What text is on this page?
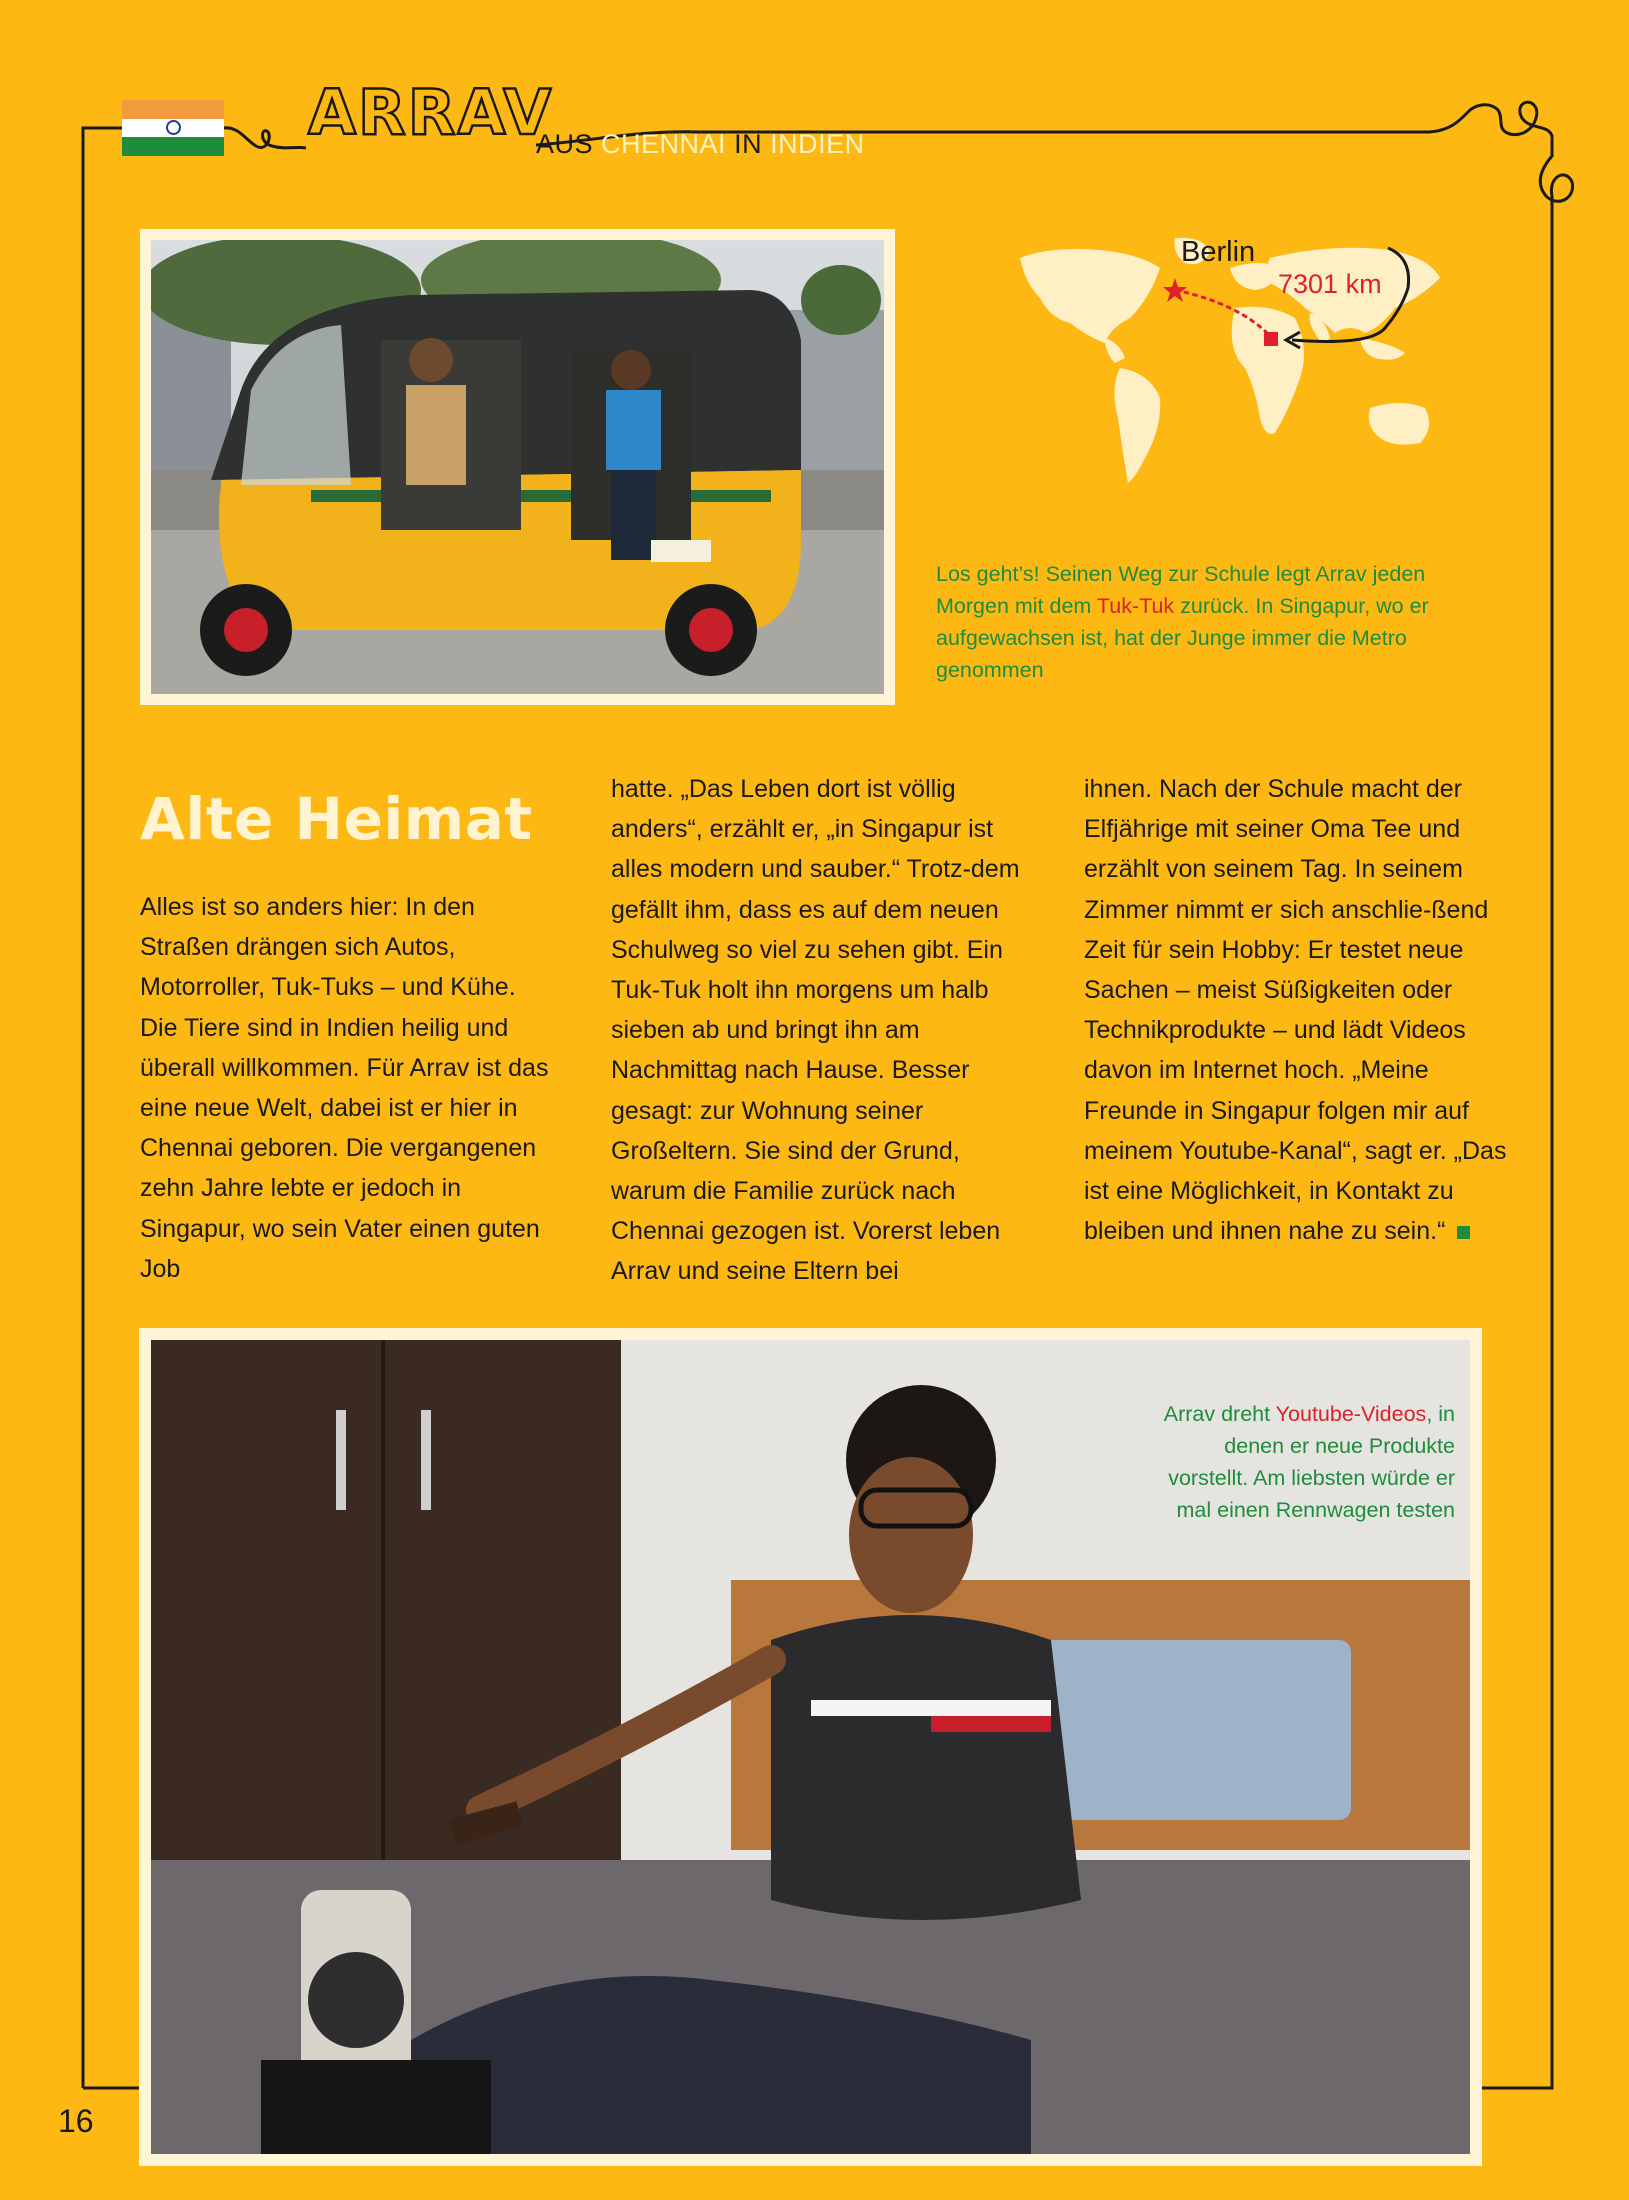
ARRAV
AUS CHENNAI IN INDIEN
Berlin
7301 km
Los geht’s! Seinen Weg zur Schule legt Arrav jeden Morgen mit dem Tuk-Tuk zurück. In Singapur, wo er aufgewachsen ist, hat der Junge immer die Metro genommen
Alte Heimat

Alles ist so anders hier: In den Straßen drängen sich Autos, Motorroller, Tuk-Tuks – und Kühe. Die Tiere sind in Indien heilig und überall willkommen. Für Arrav ist das eine neue Welt, dabei ist er hier in Chennai geboren. Die vergangenen zehn Jahre lebte er jedoch in Singapur, wo sein Vater einen guten Job

hatte. „Das Leben dort ist völlig anders“, erzählt er, „in Singapur ist alles modern und sauber.“ Trotz-dem gefällt ihm, dass es auf dem neuen Schulweg so viel zu sehen gibt. Ein Tuk-Tuk holt ihn morgens um halb sieben ab und bringt ihn am Nachmittag nach Hause. Besser gesagt: zur Wohnung seiner Großeltern. Sie sind der Grund, warum die Familie zurück nach Chennai gezogen ist. Vorerst leben Arrav und seine Eltern bei

ihnen. Nach der Schule macht der Elfjährige mit seiner Oma Tee und erzählt von seinem Tag. In seinem Zimmer nimmt er sich anschlie-ßend Zeit für sein Hobby: Er testet neue Sachen – meist Süßigkeiten oder Technikprodukte – und lädt Videos davon im Internet hoch. „Meine Freunde in Singapur folgen mir auf meinem Youtube-Kanal“, sagt er. „Das ist eine Möglichkeit, in Kontakt zu bleiben und ihnen nahe zu sein.“

Arrav dreht Youtube-Videos, in denen er neue Produkte vorstellt. Am liebsten würde er mal einen Rennwagen testen
16
